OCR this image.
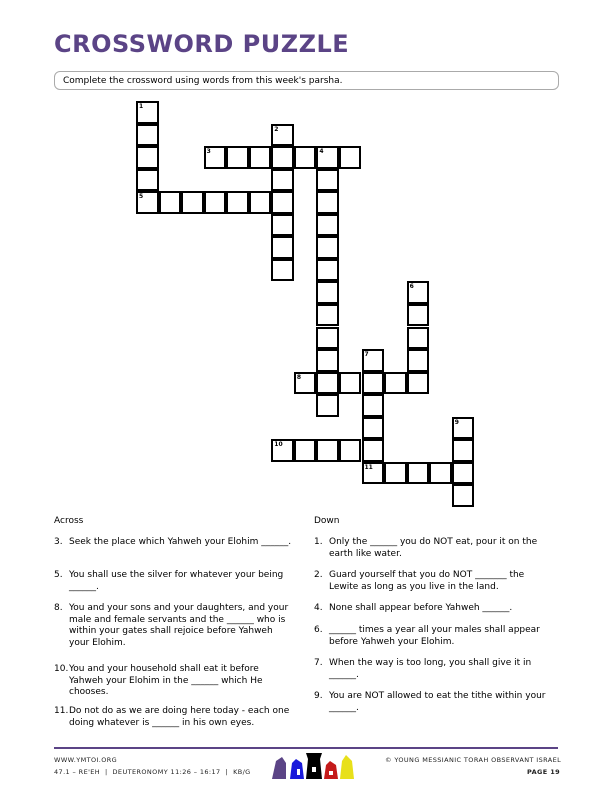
CROSSWORD PUZZLE
Complete the crossword using words from this week's parsha.
1
5
2
3	4
6
7
11
8
9
10
Across	Down
3. Seek the place which Yahweh your Elohim ______.
5. You shall use the silver for whatever your being ______.
8. You and your sons and your daughters, and your male and female servants and the ______ who is within your gates shall rejoice before Yahweh your Elohim.
10. You and your household shall eat it before Yahweh your Elohim in the ______ which He chooses.
11. Do not do as we are doing here today - each one doing whatever is ______ in his own eyes.
1. Only the ______ you do NOT eat, pour it on the earth like water.
2. Guard yourself that you do NOT _______ the Lewite as long as you live in the land.
4. None shall appear before Yahweh ______.
6. ______ times a year all your males shall appear before Yahweh your Elohim.
7. When the way is too long, you shall give it in ______.
9. You are NOT allowed to eat the tithe within your ______.
WWW.YMTOI.ORG
47.1 – RE'EH  |  DEUTERONOMY 11:26 – 16:17  |  KB/G
© YOUNG MESSIANIC TORAH OBSERVANT ISRAEL
PAGE 19
